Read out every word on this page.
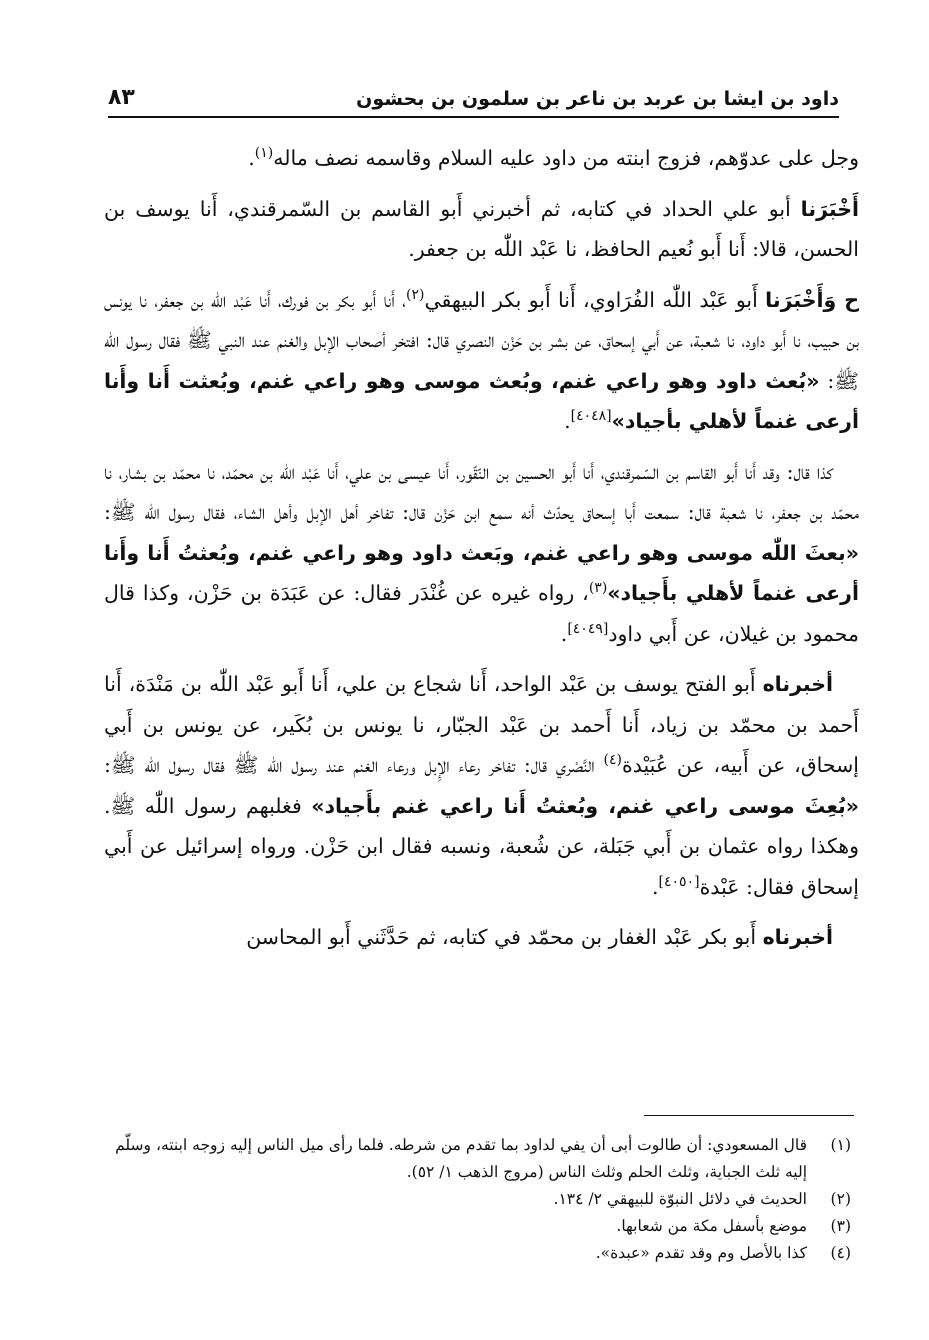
داود بن ايشا بن عربد بن ناعر بن سلمون بن بحشون
٨٣

وجل على عدوّهم، فزوج ابنته من داود عليه السلام وقاسمه نصف ماله$^{(١)}$.

أَخْبَرَنا أبو علي الحداد في كتابه، ثم أخبرني أَبو القاسم بن السّمرقندي، أَنا يوسف بن الحسن، قالا: أَنا أَبو نُعيم الحافظ، نا عَبْد اللّٰه بن جعفر.

ح وَأَخْبَرَنا أَبو عَبْد اللّٰه الفُرَاوي، أَنا أَبو بكر البيهقي$^{(٢)}$، أَنا أَبو بكر بن فورك، أَنا عَبْد اللّٰه بن جعفر، نا يونس بن حبيب، نا أَبو داود، نا شعبة، عن أَبي إسحاق، عن بشر بن حَزْن النصري قال: افتخر أصحاب الإبل والغنم عند النبي ﷺ فقال رسول اللّٰه ﷺ: «بُعث داود وهو راعي غنم، وبُعث موسى وهو راعي غنم، وبُعثت أَنا وأَنا أرعى غنماً لأهلي بأجياد»[٤٠٤٨].

كذا قال: وقد أَنا أَبو القاسم بن السّمرقندي، أَنا أَبو الحسين بن النّقّور، أَنا عيسى بن علي، أَنا عَبْد اللّٰه بن محمّد، نا محمّد بن بشار، نا محمّد بن جعفر، نا شعبة قال: سمعت أَبا إسحاق يحدّث أنه سمع ابن حَزْن قال: تفاخر أهل الإبل وأهل الشاء، فقال رسول اللّٰه ﷺ: «بعثَ اللّٰه موسى وهو راعي غنم، وبَعث داود وهو راعي غنم، وبُعثتُ أَنا وأَنا أرعى غنماً لأهلي بأَجياد»$^{(٣)}$، رواه غيره عن غُنْدَر فقال: عن عَبَدَة بن حَزْن، وكذا قال محمود بن غيلان، عن أَبي داود[٤٠٤٩].

أخبرناه أَبو الفتح يوسف بن عَبْد الواحد، أَنا شجاع بن علي، أَنا أَبو عَبْد اللّٰه بن مَنْدَة، أَنا أَحمد بن محمّد بن زياد، أَنا أَحمد بن عَبْد الجبّار، نا يونس بن بُكَير، عن يونس بن أَبي إسحاق، عن أَبيه، عن عُبَيْدة$^{(٤)}$ النَّصْري قال: تفاخر رعاء الإِبل ورعاء الغنم عند رسول اللّٰه ﷺ فقال رسول اللّٰه ﷺ: «بُعِثَ موسى راعي غنم، وبُعثتُ أَنا راعي غنم بأَجياد» فغلبهم رسول اللّٰه ﷺ. وهكذا رواه عثمان بن أَبي جَبَلة، عن شُعبة، ونسبه فقال ابن حَزْن. ورواه إسرائيل عن أَبي إسحاق فقال: عَبْدة[٤٠٥٠].

أخبرناه أَبو بكر عَبْد الغفار بن محمّد في كتابه، ثم حَدَّثَني أَبو المحاسن

(١)
قال المسعودي: أن طالوت أبى أن يفي لداود بما تقدم من شرطه. فلما رأى ميل الناس إليه زوجه ابنته، وسلّم إليه ثلث الجباية، وثلث الحلم وثلث الناس (مروج الذهب ١/ ٥٢).
(٢)
الحديث في دلائل النبوّة للبيهقي ٢/ ١٣٤.
(٣)
موضع بأسفل مكة من شعابها.
(٤)
كذا بالأصل وم وقد تقدم «عبدة».
